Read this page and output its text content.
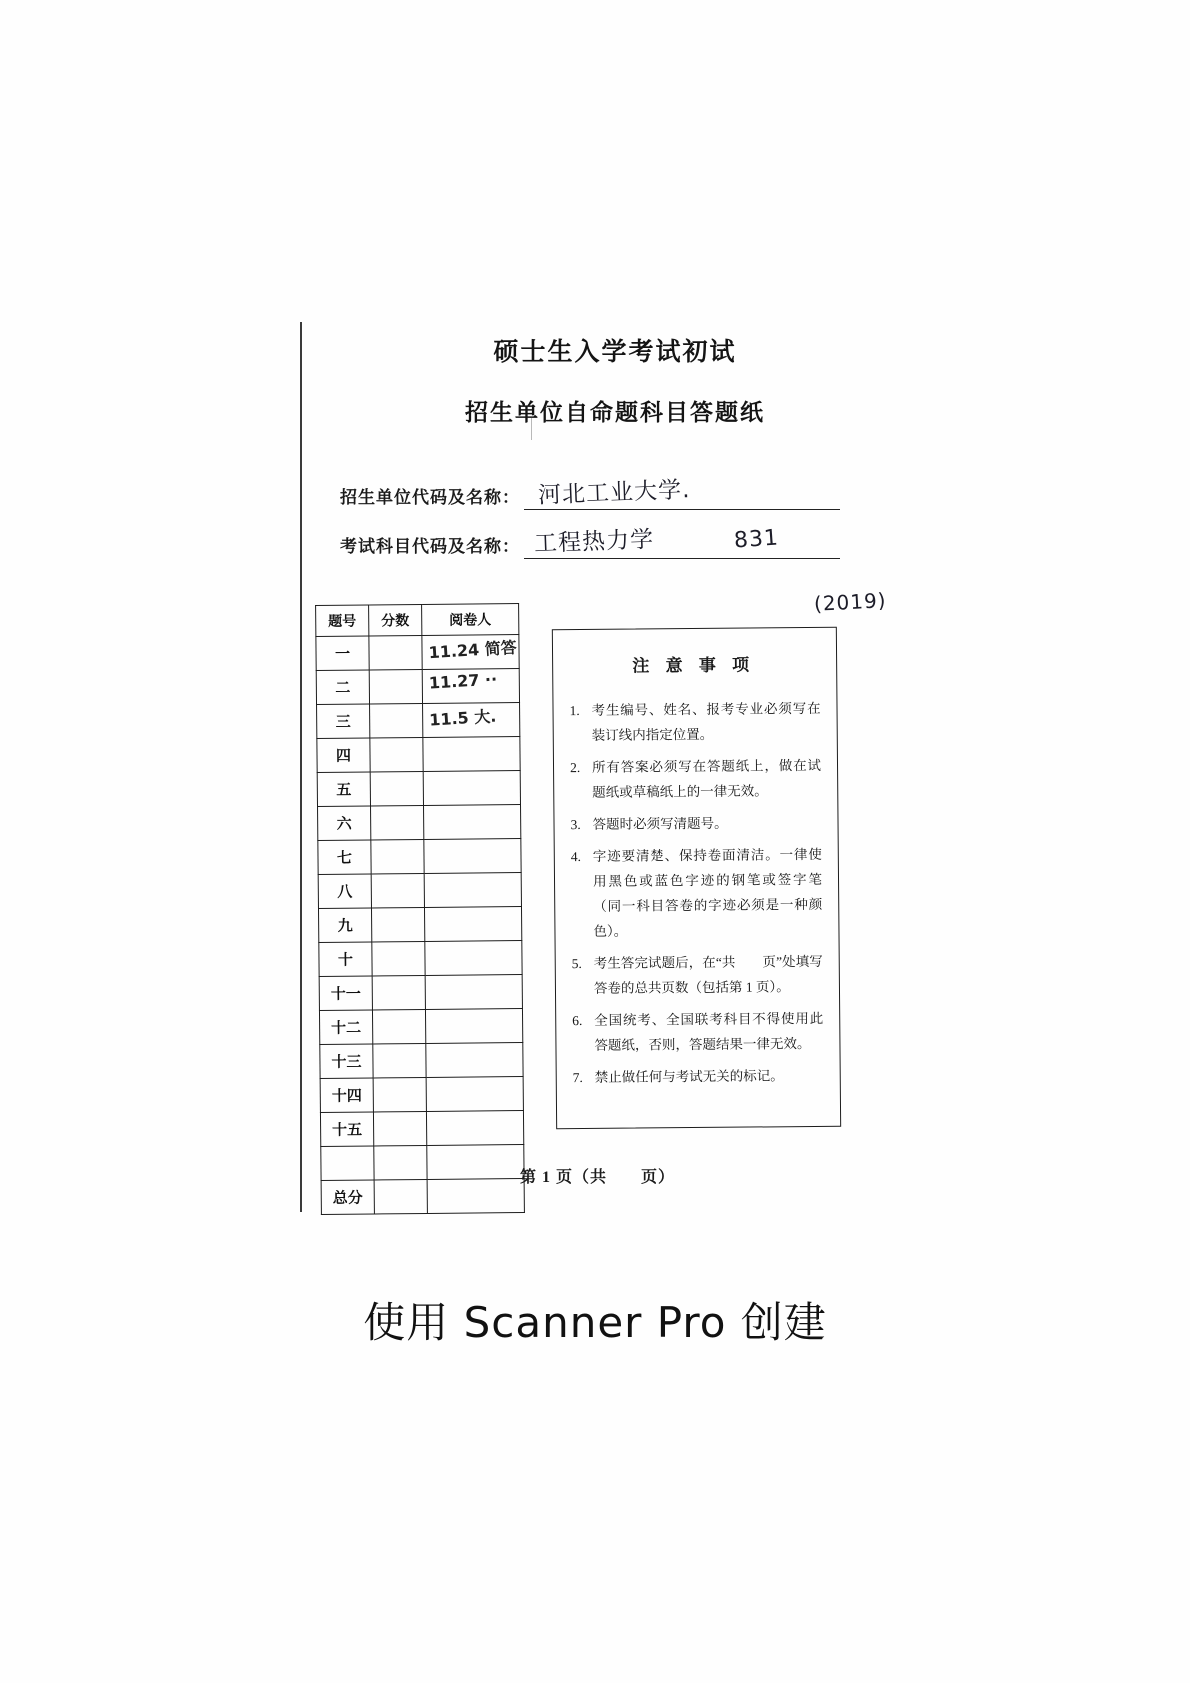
硕士生入学考试初试
招生单位自命题科目答题纸
招生单位代码及名称： 河北工业大学.
考试科目代码及名称： 工程热力学	831
(2019)
题号	分数	阅卷人
一		11.24 简答

二		11.27 ··

三		11.5 大.

四		
五		
六		
七		
八		
九		
十		
十一		
十二		
十三		
十四		
十五		

总分		
注 意 事 项
考生编号、姓名、报考专业必须写在装订线内指定位置。
所有答案必须写在答题纸上，做在试题纸或草稿纸上的一律无效。
答题时必须写清题号。
字迹要清楚、保持卷面清洁。一律使用黑色或蓝色字迹的钢笔或签字笔（同一科目答卷的字迹必须是一种颜色）。
考生答完试题后，在“共　　页”处填写答卷的总共页数（包括第 1 页）。
全国统考、全国联考科目不得使用此答题纸，否则，答题结果一律无效。
禁止做任何与考试无关的标记。
第 1 页（共　　页）
使用 Scanner Pro 创建
